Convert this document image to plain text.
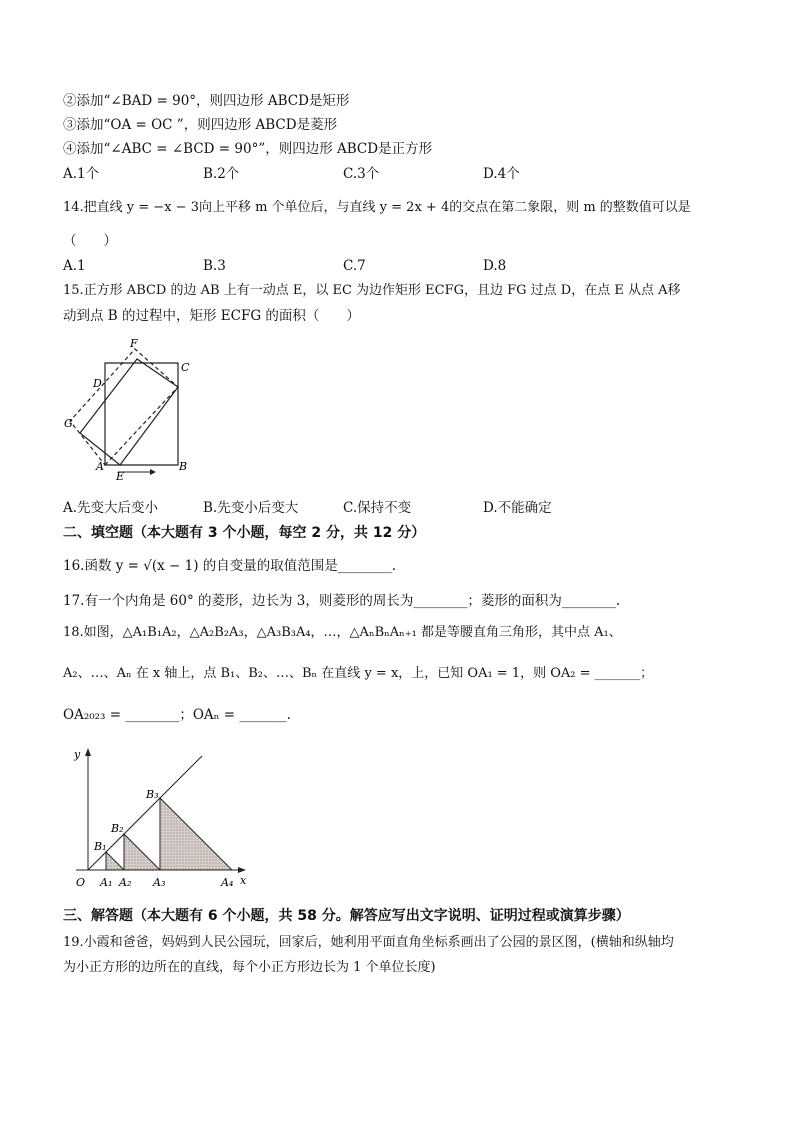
②添加“∠BAD = 90°，则四边形 ABCD是矩形
③添加“OA = OC ”，则四边形 ABCD是菱形
④添加“∠ABC = ∠BCD = 90°”，则四边形 ABCD是正方形
A.1个	B.2个	C.3个	D.4个
14.把直线 y = −x − 3向上平移 m 个单位后，与直线 y = 2x + 4的交点在第二象限，则 m 的整数值可以是
（　　）
A.1	B.3	C.7	D.8
15.正方形 ABCD 的边 AB 上有一动点 E，以 EC 为边作矩形 ECFG，且边 FG 过点 D，在点 E 从点 A移
动到点 B 的过程中，矩形 ECFG 的面积（　　）
F
D
C
G
A
E
B
A.先变大后变小	B.先变小后变大	C.保持不变	D.不能确定
二、填空题（本大题有 3 个小题，每空 2 分，共 12 分）
16.函数 y = √(x − 1) 的自变量的取值范围是________.
17.有一个内角是 60° 的菱形，边长为 3，则菱形的周长为________；菱形的面积为________.
18.如图，△A₁B₁A₂，△A₂B₂A₃，△A₃B₃A₄，…，△AₙBₙAₙ₊₁ 都是等腰直角三角形，其中点 A₁、
A₂、…、Aₙ 在 x 轴上，点 B₁、B₂、…、Bₙ 在直线 y = x，上，已知 OA₁ = 1，则 OA₂ = _______；
OA₂₀₂₃ = ________；OAₙ = _______.
y
x
O A₁ A₂ A₃	A₄
B₁
B₂
B₃
三、解答题（本大题有 6 个小题，共 58 分。解答应写出文字说明、证明过程或演算步骤）
19.小霞和爸爸，妈妈到人民公园玩，回家后，她利用平面直角坐标系画出了公园的景区图，(横轴和纵轴均
为小正方形的边所在的直线，每个小正方形边长为 1 个单位长度)
